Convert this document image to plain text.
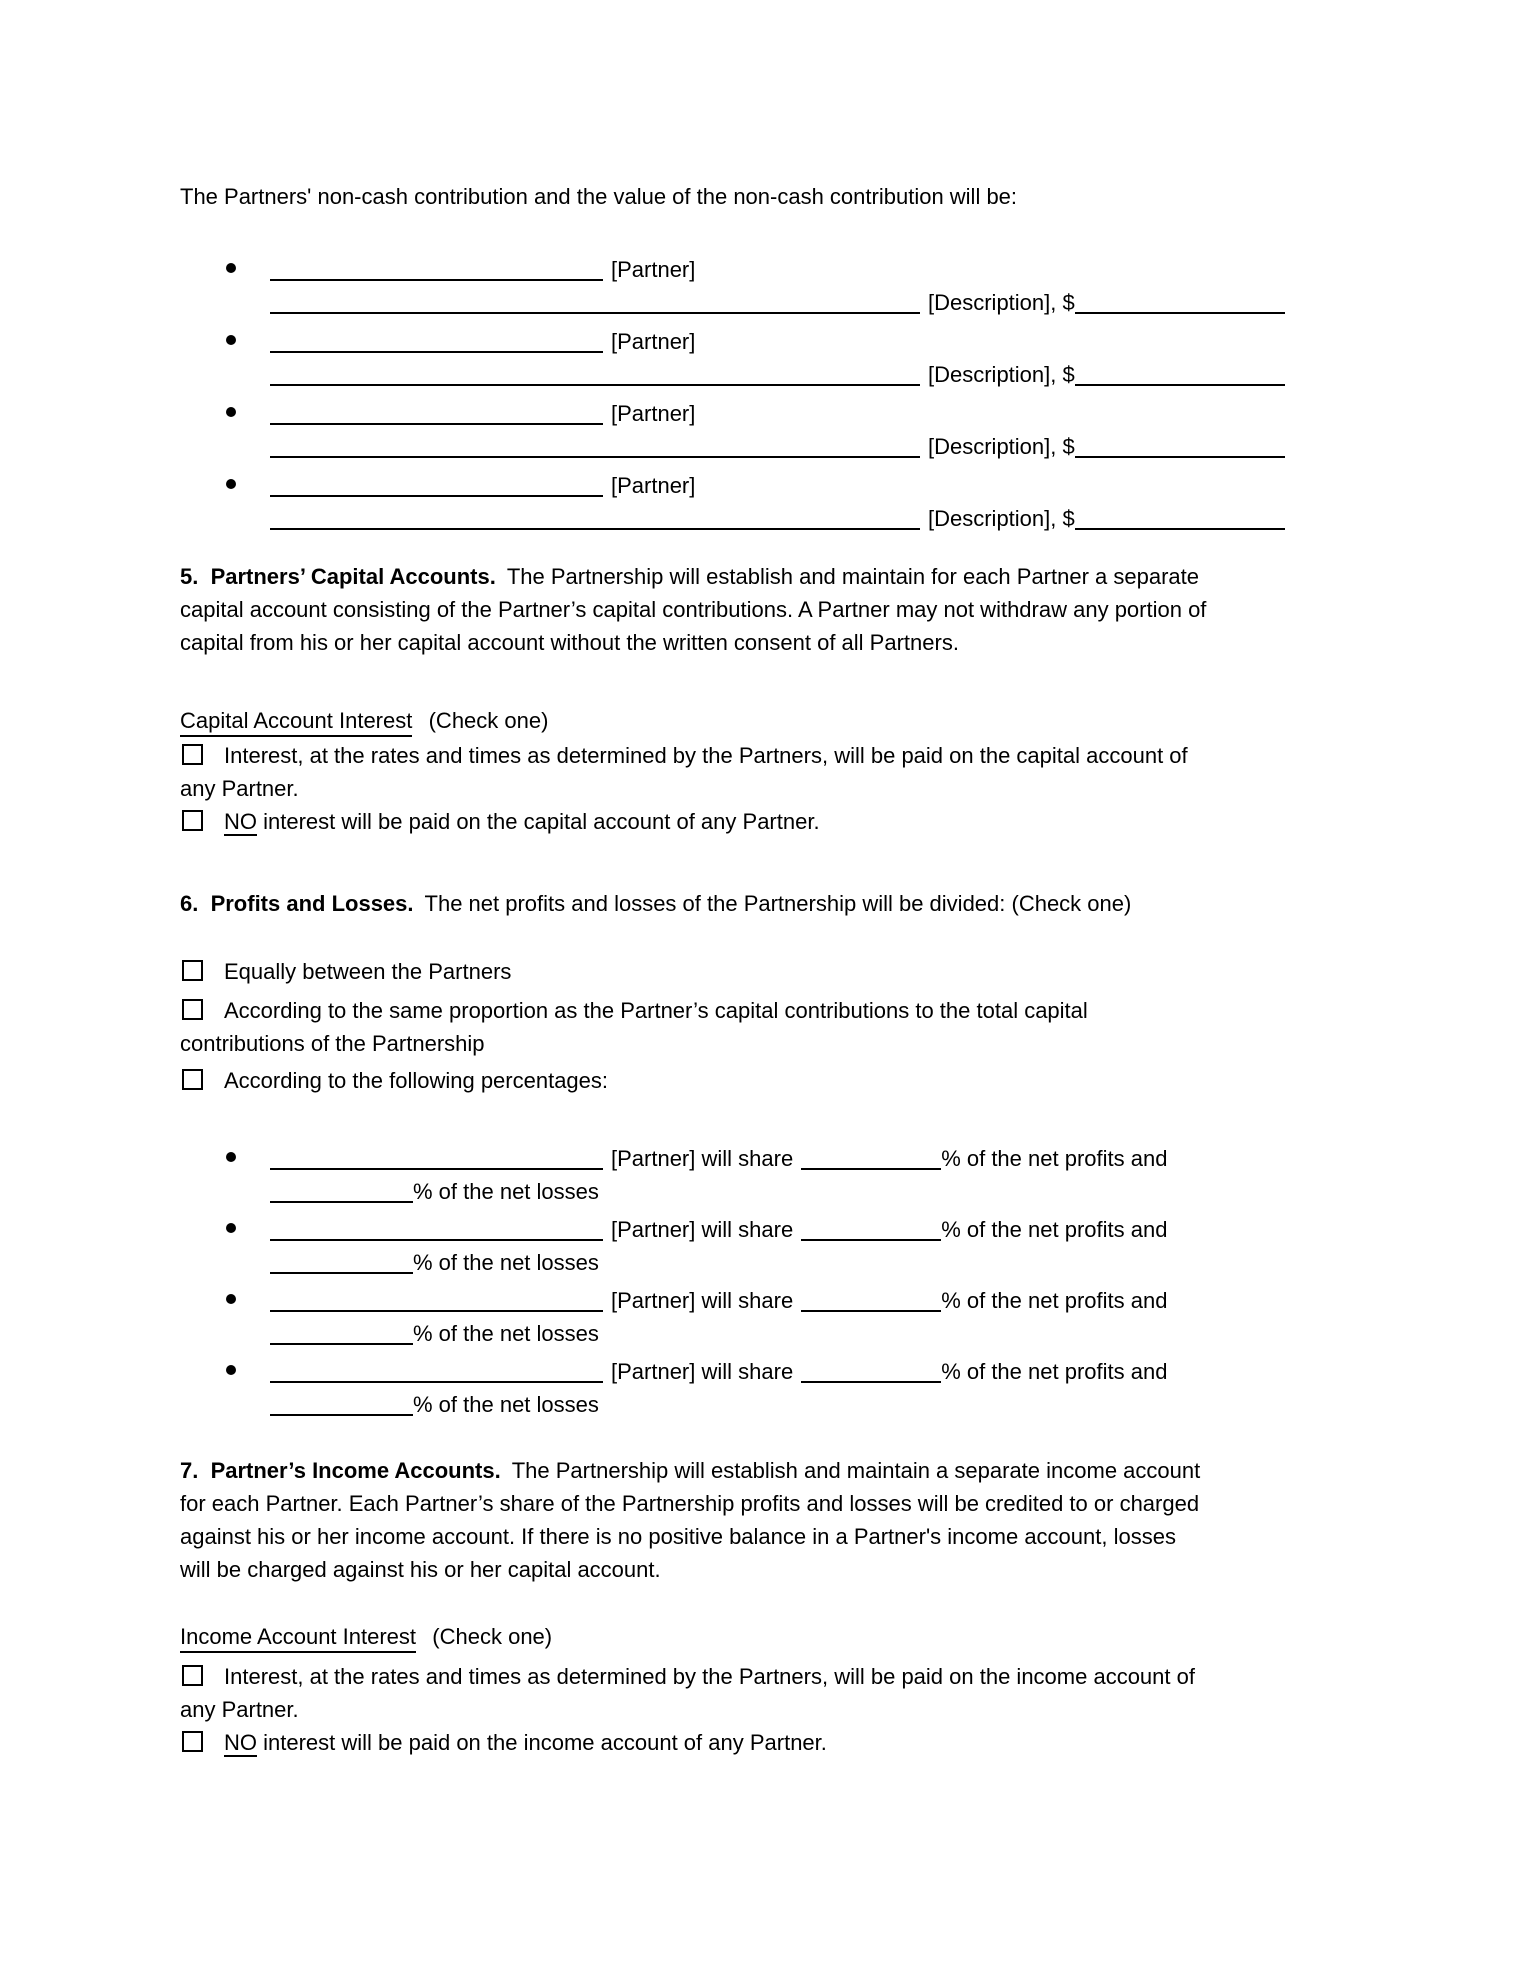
The Partners' non-cash contribution and the value of the non-cash contribution will be:
[Partner]
[Description], $
[Partner]
[Description], $
[Partner]
[Description], $
[Partner]
[Description], $
5.  Partners’ Capital Accounts. The Partnership will establish and maintain for each Partner a separate
capital account consisting of the Partner’s capital contributions. A Partner may not withdraw any portion of
capital from his or her capital account without the written consent of all Partners.
Capital Account Interest (Check one)
Interest, at the rates and times as determined by the Partners, will be paid on the capital account of
any Partner.
NO interest will be paid on the capital account of any Partner.
6.  Profits and Losses. The net profits and losses of the Partnership will be divided: (Check one)
Equally between the Partners
According to the same proportion as the Partner’s capital contributions to the total capital
contributions of the Partnership
According to the following percentages:
[Partner] will share	% of the net profits and
% of the net losses
[Partner] will share	% of the net profits and
% of the net losses
[Partner] will share	% of the net profits and
% of the net losses
[Partner] will share	% of the net profits and
% of the net losses
7.  Partner’s Income Accounts. The Partnership will establish and maintain a separate income account
for each Partner. Each Partner’s share of the Partnership profits and losses will be credited to or charged
against his or her income account. If there is no positive balance in a Partner's income account, losses
will be charged against his or her capital account.
Income Account Interest (Check one)
Interest, at the rates and times as determined by the Partners, will be paid on the income account of
any Partner.
NO interest will be paid on the income account of any Partner.
